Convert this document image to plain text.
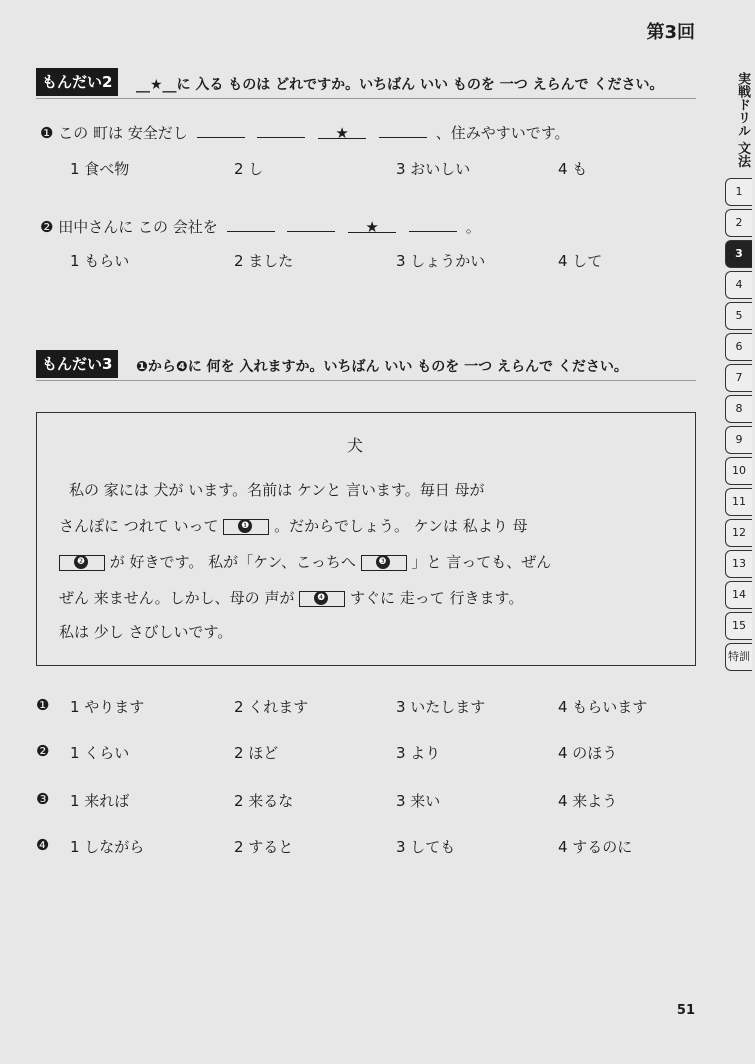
第3回
実戦ドリル 文法
1
2
3
4
5
6
7
8
9
10
11
12
13
14
15
特訓
もんだい2	__★__に 入る ものは どれですか。いちばん いい ものを 一つ えらんで ください。
❶ この 町は 安全だし	★	、住みやすいです。
1 食べ物	2 し	3 おいしい	4 も
❷ 田中さんに この 会社を	★	。
1 もらい	2 ました	3 しょうかい	4 して
もんだい3	❶から❹に 何を 入れますか。いちばん いい ものを 一つ えらんで ください。
犬
私の 家には 犬が います。名前は ケンと 言います。毎日 母が
さんぽに つれて いって	❶ 。だからでしょう。 ケンは 私より 母
❷ が 好きです。 私が「ケン、こっちへ	❸ 」と 言っても、ぜん
ぜん 来ません。しかし、母の 声が	❹ すぐに 走って 行きます。
私は 少し さびしいです。
❶ 1 やります	2 くれます	3 いたします	4 もらいます
❷ 1 くらい	2 ほど	3 より	4 のほう
❸ 1 来れば	2 来るな	3 来い	4 来よう
❹ 1 しながら	2 すると	3 しても	4 するのに
51
